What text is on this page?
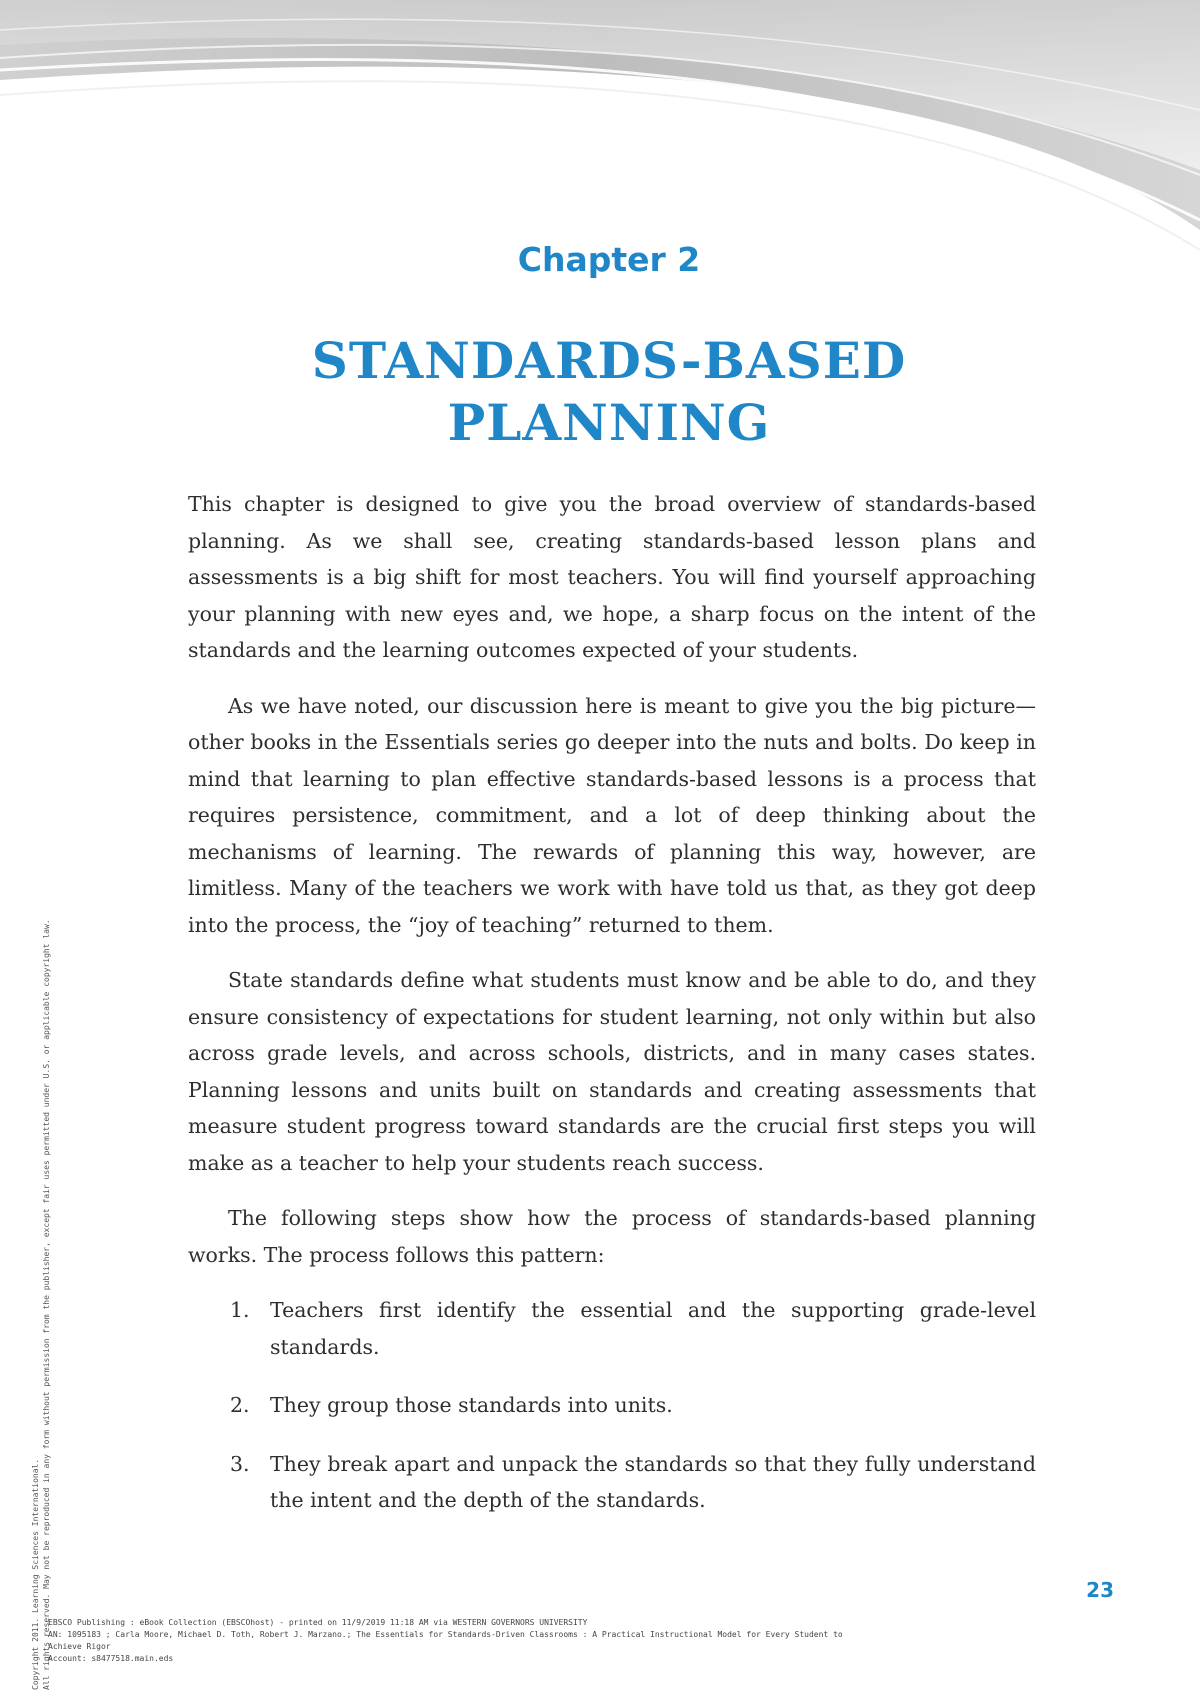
Chapter 2
STANDARDS-BASED
PLANNING

This chapter is designed to give you the broad overview of standards-based planning. As we shall see, creating standards-based lesson plans and assessments is a big shift for most teachers. You will find yourself approaching your planning with new eyes and, we hope, a sharp focus on the intent of the standards and the learning outcomes expected of your students.

As we have noted, our discussion here is meant to give you the big picture—other books in the Essentials series go deeper into the nuts and bolts. Do keep in mind that learning to plan effective standards-based lessons is a process that requires persistence, commitment, and a lot of deep thinking about the mechanisms of learning. The rewards of planning this way, however, are limitless. Many of the teachers we work with have told us that, as they got deep into the process, the “joy of teaching” returned to them.

State standards define what students must know and be able to do, and they ensure consistency of expectations for student learning, not only within but also across grade levels, and across schools, districts, and in many cases states. Planning lessons and units built on standards and creating assessments that measure student progress toward standards are the crucial first steps you will make as a teacher to help your students reach success.

The following steps show how the process of standards-based planning works. The process follows this pattern:

1. Teachers first identify the essential and the supporting grade-level standards.
2. They group those standards into units.
3. They break apart and unpack the standards so that they fully understand the intent and the depth of the standards.
23
Copyright 2011. Learning Sciences International. All rights reserved. May not be reproduced in any form without permission from the publisher, except fair uses permitted under U.S. or applicable copyright law.
EBSCO Publishing : eBook Collection (EBSCOhost) - printed on 11/9/2019 11:18 AM via WESTERN GOVERNORS UNIVERSITY
AN: 1095183 ; Carla Moore, Michael D. Toth, Robert J. Marzano.; The Essentials for Standards-Driven Classrooms : A Practical Instructional Model for Every Student to
Achieve Rigor
Account: s8477518.main.eds
